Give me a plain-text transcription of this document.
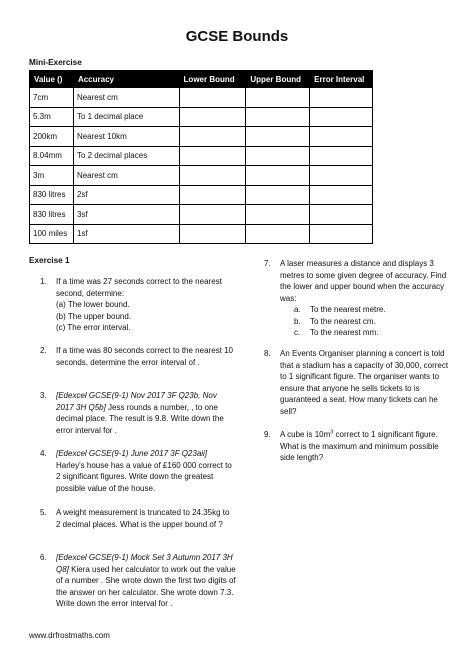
GCSE Bounds
Mini-Exercise
Value ()	Accuracy	Lower Bound	Upper Bound	Error Interval
7cm	Nearest cm			
5.3m	To 1 decimal place			
200km	Nearest 10km			
8.04mm	To 2 decimal places			
3m	Nearest cm			
830 litres	2sf			
830 litres	3sf			
100 miles	1sf			
Exercise 1
1. If a time was 27 seconds correct to the nearest second, determine:
(a) The lower bound.
(b) The upper bound.
(c) The error interval.
2. If a time was 80 seconds correct to the nearest 10 seconds, determine the error interval of .
3. [Edexcel GCSE(9-1) Nov 2017 3F Q23b, Nov 2017 3H Q5b] Jess rounds a number, , to one decimal place. The result is 9.8. Write down the error interval for .
4. [Edexcel GCSE(9-1) June 2017 3F Q23aii] Harley's house has a value of £160 000 correct to 2 significant figures. Write down the greatest possible value of the house.
5. A weight measurement is truncated to 24.35kg to 2 decimal places. What is the upper bound of ?
6. [Edexcel GCSE(9-1) Mock Set 3 Autumn 2017 3H Q8] Kiera used her calculator to work out the value of a number . She wrote down the first two digits of the answer on her calculator. She wrote down 7.3.
Write down the error interval for .
7. A laser measures a distance and displays 3 metres to some given degree of accuracy. Find the lower and upper bound when the accuracy was:
a. To the nearest metre.
b. To the nearest cm.
c. To the nearest mm.
8. An Events Organiser planning a concert is told that a stadium has a capacity of 30,000, correct to 1 significant figure. The organiser wants to ensure that anyone he sells tickets to is guaranteed a seat. How many tickets can he sell?
9. A cube is $10m^3$ correct to 1 significant figure. What is the maximum and minimum possible side length?
www.drfrostmaths.com
